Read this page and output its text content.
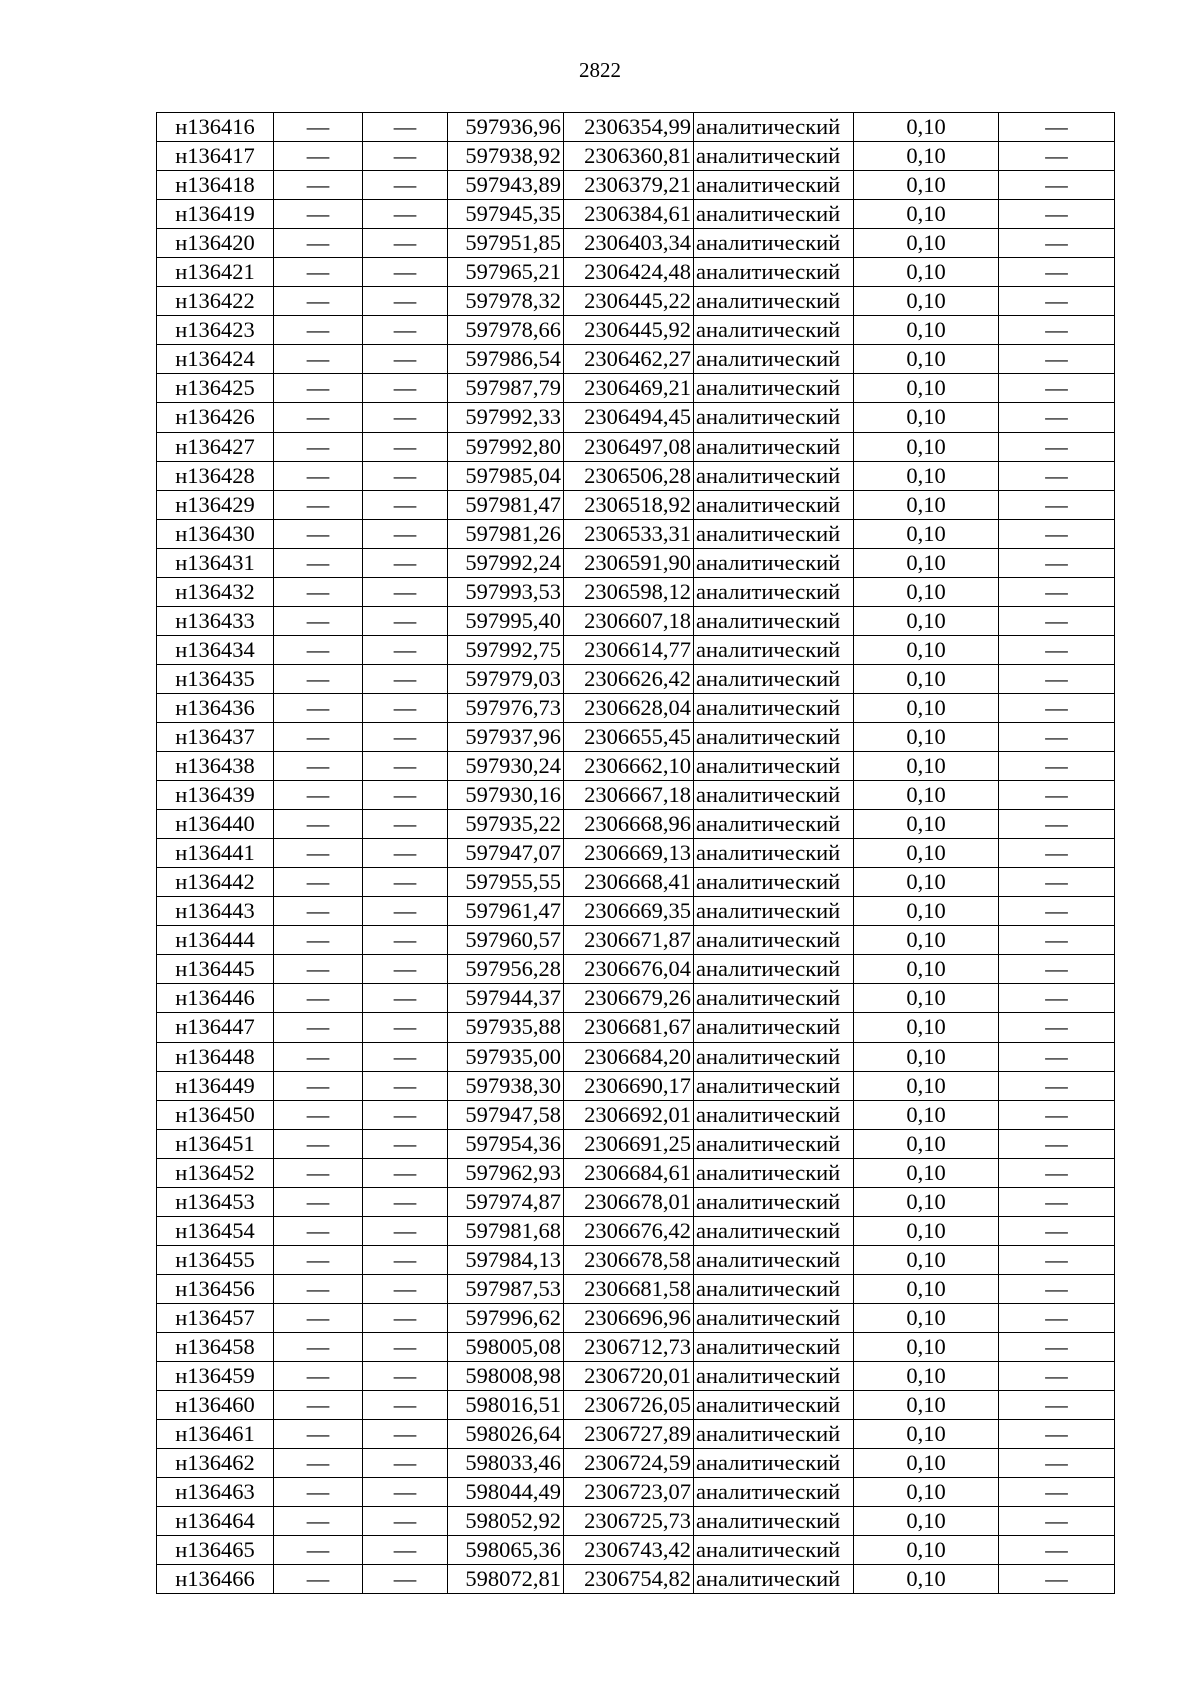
2822
н136416	—	—	597936,96	2306354,99	аналитический	0,10	—
н136417	—	—	597938,92	2306360,81	аналитический	0,10	—
н136418	—	—	597943,89	2306379,21	аналитический	0,10	—
н136419	—	—	597945,35	2306384,61	аналитический	0,10	—
н136420	—	—	597951,85	2306403,34	аналитический	0,10	—
н136421	—	—	597965,21	2306424,48	аналитический	0,10	—
н136422	—	—	597978,32	2306445,22	аналитический	0,10	—
н136423	—	—	597978,66	2306445,92	аналитический	0,10	—
н136424	—	—	597986,54	2306462,27	аналитический	0,10	—
н136425	—	—	597987,79	2306469,21	аналитический	0,10	—
н136426	—	—	597992,33	2306494,45	аналитический	0,10	—
н136427	—	—	597992,80	2306497,08	аналитический	0,10	—
н136428	—	—	597985,04	2306506,28	аналитический	0,10	—
н136429	—	—	597981,47	2306518,92	аналитический	0,10	—
н136430	—	—	597981,26	2306533,31	аналитический	0,10	—
н136431	—	—	597992,24	2306591,90	аналитический	0,10	—
н136432	—	—	597993,53	2306598,12	аналитический	0,10	—
н136433	—	—	597995,40	2306607,18	аналитический	0,10	—
н136434	—	—	597992,75	2306614,77	аналитический	0,10	—
н136435	—	—	597979,03	2306626,42	аналитический	0,10	—
н136436	—	—	597976,73	2306628,04	аналитический	0,10	—
н136437	—	—	597937,96	2306655,45	аналитический	0,10	—
н136438	—	—	597930,24	2306662,10	аналитический	0,10	—
н136439	—	—	597930,16	2306667,18	аналитический	0,10	—
н136440	—	—	597935,22	2306668,96	аналитический	0,10	—
н136441	—	—	597947,07	2306669,13	аналитический	0,10	—
н136442	—	—	597955,55	2306668,41	аналитический	0,10	—
н136443	—	—	597961,47	2306669,35	аналитический	0,10	—
н136444	—	—	597960,57	2306671,87	аналитический	0,10	—
н136445	—	—	597956,28	2306676,04	аналитический	0,10	—
н136446	—	—	597944,37	2306679,26	аналитический	0,10	—
н136447	—	—	597935,88	2306681,67	аналитический	0,10	—
н136448	—	—	597935,00	2306684,20	аналитический	0,10	—
н136449	—	—	597938,30	2306690,17	аналитический	0,10	—
н136450	—	—	597947,58	2306692,01	аналитический	0,10	—
н136451	—	—	597954,36	2306691,25	аналитический	0,10	—
н136452	—	—	597962,93	2306684,61	аналитический	0,10	—
н136453	—	—	597974,87	2306678,01	аналитический	0,10	—
н136454	—	—	597981,68	2306676,42	аналитический	0,10	—
н136455	—	—	597984,13	2306678,58	аналитический	0,10	—
н136456	—	—	597987,53	2306681,58	аналитический	0,10	—
н136457	—	—	597996,62	2306696,96	аналитический	0,10	—
н136458	—	—	598005,08	2306712,73	аналитический	0,10	—
н136459	—	—	598008,98	2306720,01	аналитический	0,10	—
н136460	—	—	598016,51	2306726,05	аналитический	0,10	—
н136461	—	—	598026,64	2306727,89	аналитический	0,10	—
н136462	—	—	598033,46	2306724,59	аналитический	0,10	—
н136463	—	—	598044,49	2306723,07	аналитический	0,10	—
н136464	—	—	598052,92	2306725,73	аналитический	0,10	—
н136465	—	—	598065,36	2306743,42	аналитический	0,10	—
н136466	—	—	598072,81	2306754,82	аналитический	0,10	—
